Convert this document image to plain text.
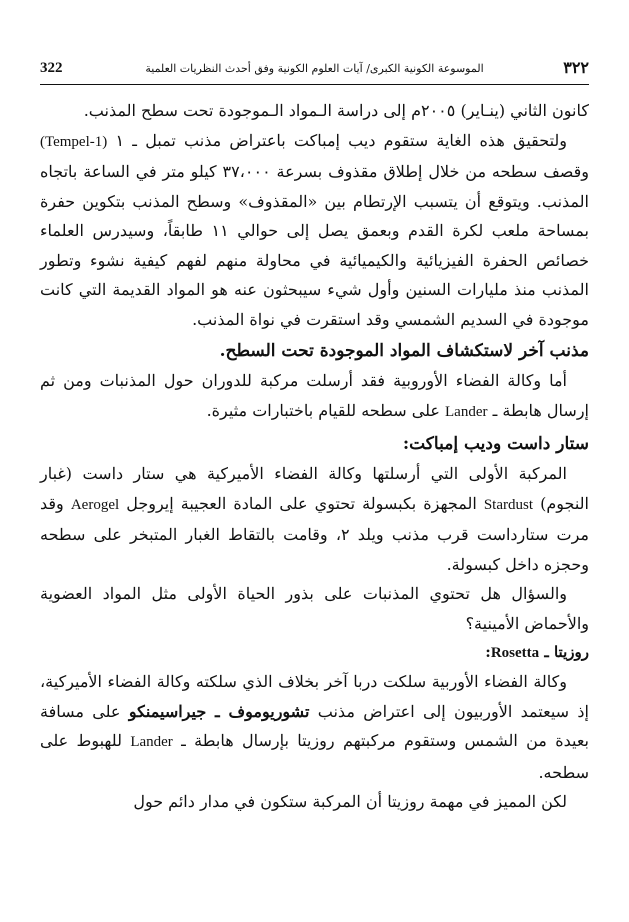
322	الموسوعة الكونية الكبرى/ آيات العلوم الكونية وفق أحدث النظريات العلمية	٣٢٢

كانون الثاني (ينـاير) ٢٠٠٥م إلى دراسة الـمواد الـموجودة تحت سطح المذنب.

ولتحقيق هذه الغاية ستقوم ديب إمباكت باعتراض مذنب تمبل ـ ١ (Tempel-1) وقصف سطحه من خلال إطلاق مقذوف بسرعة ٣٧،٠٠٠ كيلو متر في الساعة باتجاه المذنب. ويتوقع أن يتسبب الإرتطام بين «المقذوف» وسطح المذنب بتكوين حفرة بمساحة ملعب لكرة القدم وبعمق يصل إلى حوالي ١١ طابقاً، وسيدرس العلماء خصائص الحفرة الفيزيائية والكيميائية في محاولة منهم لفهم كيفية نشوء وتطور المذنب منذ مليارات السنين وأول شيء سيبحثون عنه هو المواد القديمة التي كانت موجودة في السديم الشمسي وقد استقرت في نواة المذنب.

مذنب آخر لاستكشاف المواد الموجودة تحت السطح.

أما وكالة الفضاء الأوروبية فقد أرسلت مركبة للدوران حول المذنبات ومن ثم إرسال هابطة ـ Lander على سطحه للقيام باختبارات مثيرة.

ستار داست وديب إمباكت:

المركبة الأولى التي أرسلتها وكالة الفضاء الأميركية هي ستار داست (غبار النجوم) Stardust المجهزة بكبسولة تحتوي على المادة العجيبة إيروجل Aerogel وقد مرت ستارداست قرب مذنب ويلد ٢، وقامت بالتقاط الغبار المتبخر على سطحه وحجزه داخل كبسولة.

والسؤال هل تحتوي المذنبات على بذور الحياة الأولى مثل المواد العضوية والأحماض الأمينية؟

روزيتا ـ Rosetta:

وكالة الفضاء الأوربية سلكت دربا آخر بخلاف الذي سلكته وكالة الفضاء الأميركية، إذ سيعتمد الأوربيون إلى اعتراض مذنب تشوريوموف ـ جيراسيمنكو على مسافة بعيدة من الشمس وستقوم مركبتهم روزيتا بإرسال هابطة ـ Lander للهبوط على سطحه.

لكن المميز في مهمة روزيتا أن المركبة ستكون في مدار دائم حول
